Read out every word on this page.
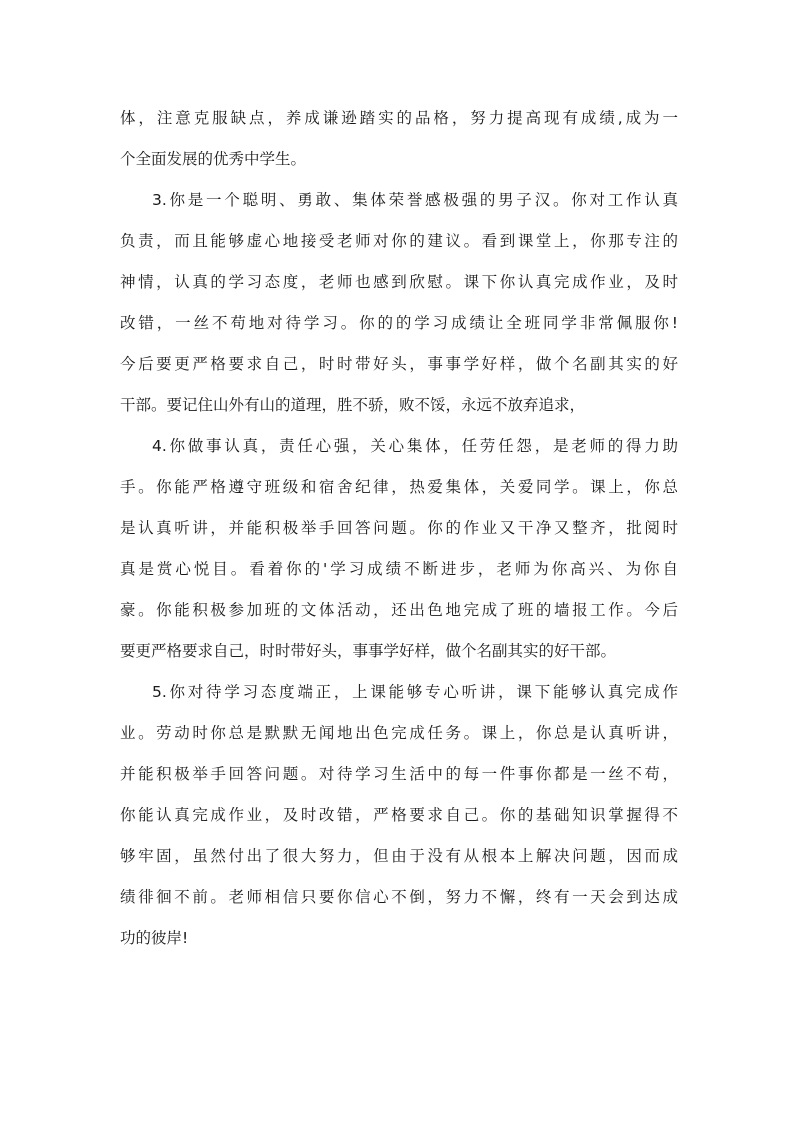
体，注意克服缺点，养成谦逊踏实的品格，努力提高现有成绩,成为一
个全面发展的优秀中学生。
3.你是一个聪明、勇敢、集体荣誉感极强的男子汉。你对工作认真
负责，而且能够虚心地接受老师对你的建议。看到课堂上，你那专注的
神情，认真的学习态度，老师也感到欣慰。课下你认真完成作业，及时
改错，一丝不苟地对待学习。你的的学习成绩让全班同学非常佩服你!
今后要更严格要求自己，时时带好头，事事学好样，做个名副其实的好
干部。要记住山外有山的道理，胜不骄，败不馁，永远不放弃追求，
4.你做事认真，责任心强，关心集体，任劳任怨，是老师的得力助
手。你能严格遵守班级和宿舍纪律，热爱集体，关爱同学。课上，你总
是认真听讲，并能积极举手回答问题。你的作业又干净又整齐，批阅时
真是赏心悦目。看着你的'学习成绩不断进步，老师为你高兴、为你自
豪。你能积极参加班的文体活动，还出色地完成了班的墙报工作。今后
要更严格要求自己，时时带好头，事事学好样，做个名副其实的好干部。
5.你对待学习态度端正，上课能够专心听讲，课下能够认真完成作
业。劳动时你总是默默无闻地出色完成任务。课上，你总是认真听讲，
并能积极举手回答问题。对待学习生活中的每一件事你都是一丝不苟，
你能认真完成作业，及时改错，严格要求自己。你的基础知识掌握得不
够牢固，虽然付出了很大努力，但由于没有从根本上解决问题，因而成
绩徘徊不前。老师相信只要你信心不倒，努力不懈，终有一天会到达成
功的彼岸!
